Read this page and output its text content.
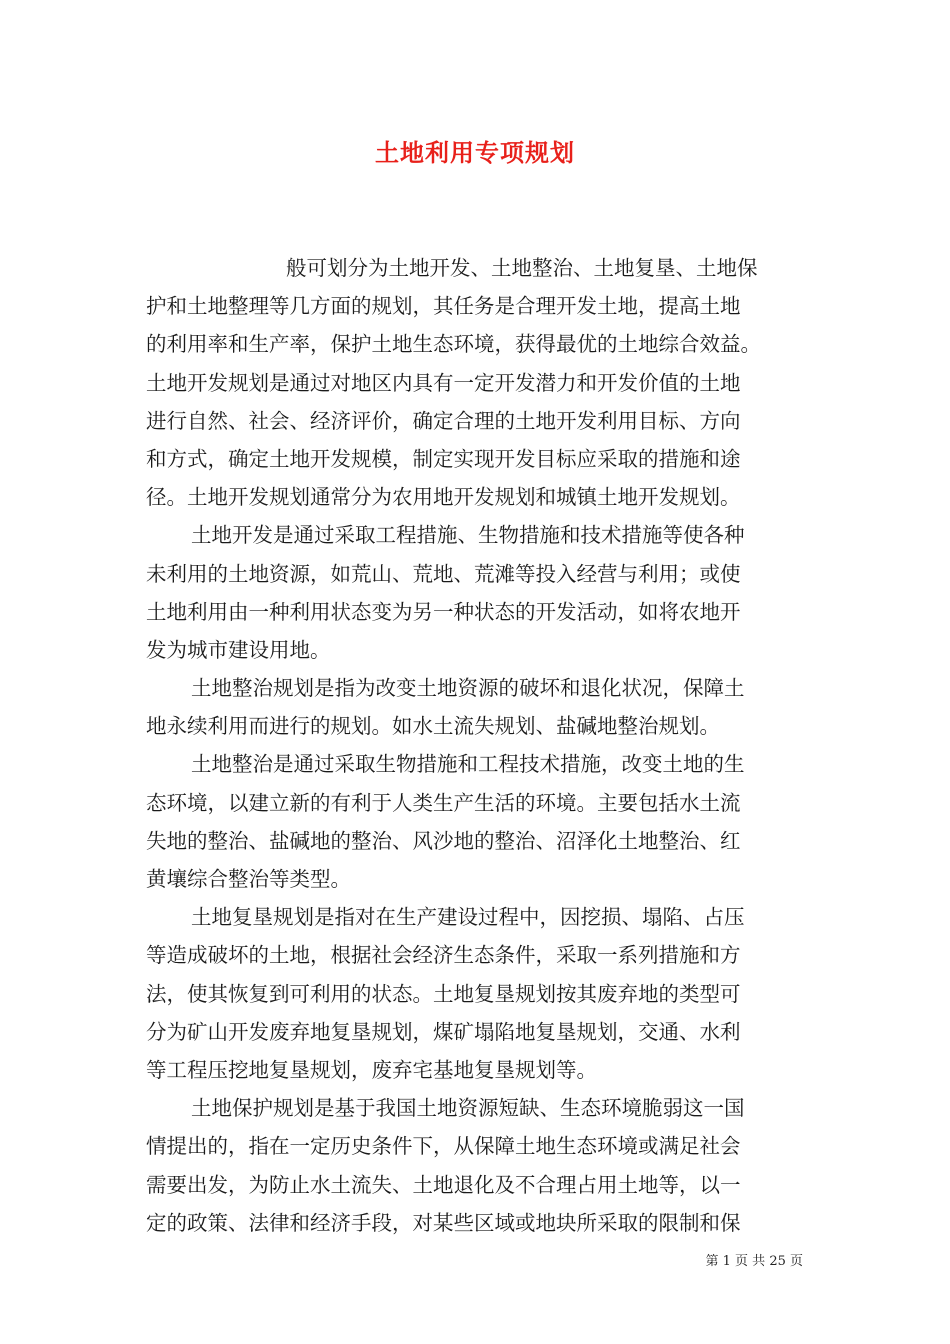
土地利用专项规划
般可划分为土地开发、土地整治、土地复垦、土地保
护和土地整理等几方面的规划，其任务是合理开发土地，提高土地
的利用率和生产率，保护土地生态环境，获得最优的土地综合效益。
土地开发规划是通过对地区内具有一定开发潜力和开发价值的土地
进行自然、社会、经济评价，确定合理的土地开发利用目标、方向
和方式，确定土地开发规模，制定实现开发目标应采取的措施和途
径。土地开发规划通常分为农用地开发规划和城镇土地开发规划。
土地开发是通过采取工程措施、生物措施和技术措施等使各种
未利用的土地资源，如荒山、荒地、荒滩等投入经营与利用；或使
土地利用由一种利用状态变为另一种状态的开发活动，如将农地开
发为城市建设用地。
土地整治规划是指为改变土地资源的破坏和退化状况，保障土
地永续利用而进行的规划。如水土流失规划、盐碱地整治规划。
土地整治是通过采取生物措施和工程技术措施，改变土地的生
态环境，以建立新的有利于人类生产生活的环境。主要包括水土流
失地的整治、盐碱地的整治、风沙地的整治、沼泽化土地整治、红
黄壤综合整治等类型。
土地复垦规划是指对在生产建设过程中，因挖损、塌陷、占压
等造成破坏的土地，根据社会经济生态条件，采取一系列措施和方
法，使其恢复到可利用的状态。土地复垦规划按其废弃地的类型可
分为矿山开发废弃地复垦规划，煤矿塌陷地复垦规划，交通、水利
等工程压挖地复垦规划，废弃宅基地复垦规划等。
土地保护规划是基于我国土地资源短缺、生态环境脆弱这一国
情提出的，指在一定历史条件下，从保障土地生态环境或满足社会
需要出发，为防止水土流失、土地退化及不合理占用土地等，以一
定的政策、法律和经济手段，对某些区域或地块所采取的限制和保
第 1 页 共 25 页
